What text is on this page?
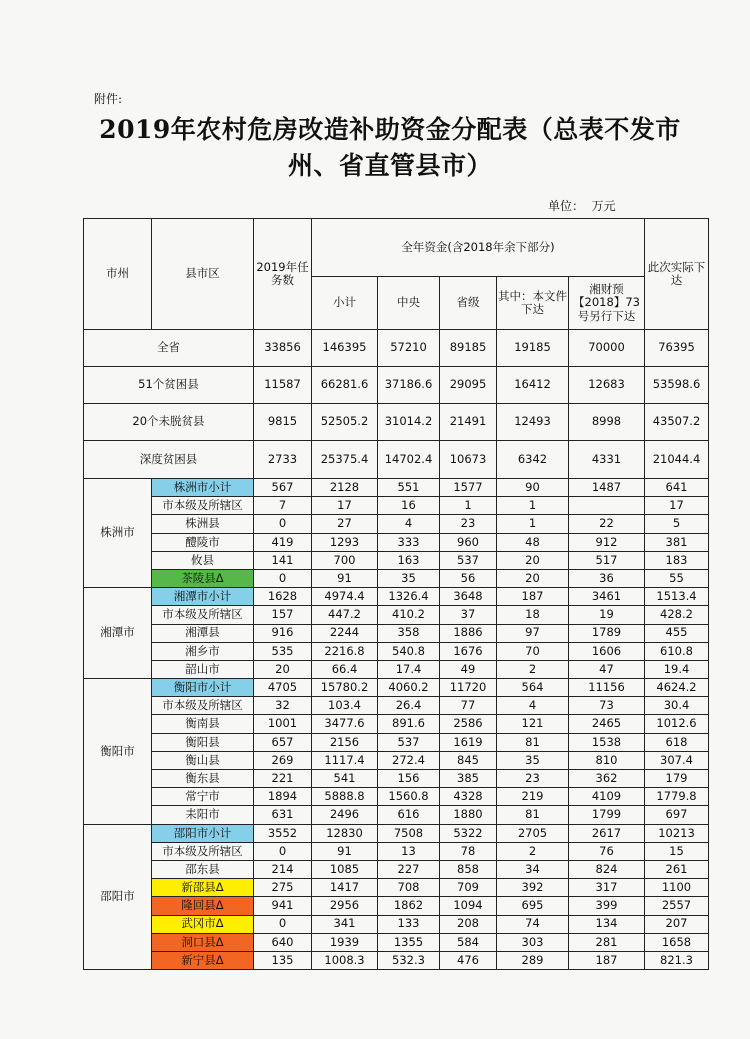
附件:
2019年农村危房改造补助资金分配表（总表不发市州、省直管县市）
单位：  万元
市州	县市区	2019年任务数	全年资金(含2018年余下部分)					此次实际下达
			小计	中央	省级	其中：本文件下达	湘财预【2018】73号另行下达	
全省		33856	146395	57210	89185	19185	70000	76395
51个贫困县		11587	66281.6	37186.6	29095	16412	12683	53598.6
20个未脱贫县		9815	52505.2	31014.2	21491	12493	8998	43507.2
深度贫困县		2733	25375.4	14702.4	10673	6342	4331	21044.4
株洲市	株洲市小计	567	2128	551	1577	90	1487	641
	市本级及所辖区	7	17	16	1	1		17
	株洲县	0	27	4	23	1	22	5
	醴陵市	419	1293	333	960	48	912	381
	攸县	141	700	163	537	20	517	183
	茶陵县Δ	0	91	35	56	20	36	55
湘潭市	湘潭市小计	1628	4974.4	1326.4	3648	187	3461	1513.4
	市本级及所辖区	157	447.2	410.2	37	18	19	428.2
	湘潭县	916	2244	358	1886	97	1789	455
	湘乡市	535	2216.8	540.8	1676	70	1606	610.8
	韶山市	20	66.4	17.4	49	2	47	19.4
衡阳市	衡阳市小计	4705	15780.2	4060.2	11720	564	11156	4624.2
	市本级及所辖区	32	103.4	26.4	77	4	73	30.4
	衡南县	1001	3477.6	891.6	2586	121	2465	1012.6
	衡阳县	657	2156	537	1619	81	1538	618
	衡山县	269	1117.4	272.4	845	35	810	307.4
	衡东县	221	541	156	385	23	362	179
	常宁市	1894	5888.8	1560.8	4328	219	4109	1779.8
	耒阳市	631	2496	616	1880	81	1799	697
邵阳市	邵阳市小计	3552	12830	7508	5322	2705	2617	10213
	市本级及所辖区	0	91	13	78	2	76	15
	邵东县	214	1085	227	858	34	824	261
	新邵县Δ	275	1417	708	709	392	317	1100
	隆回县Δ	941	2956	1862	1094	695	399	2557
	武冈市Δ	0	341	133	208	74	134	207
	洞口县Δ	640	1939	1355	584	303	281	1658
	新宁县Δ	135	1008.3	532.3	476	289	187	821.3
